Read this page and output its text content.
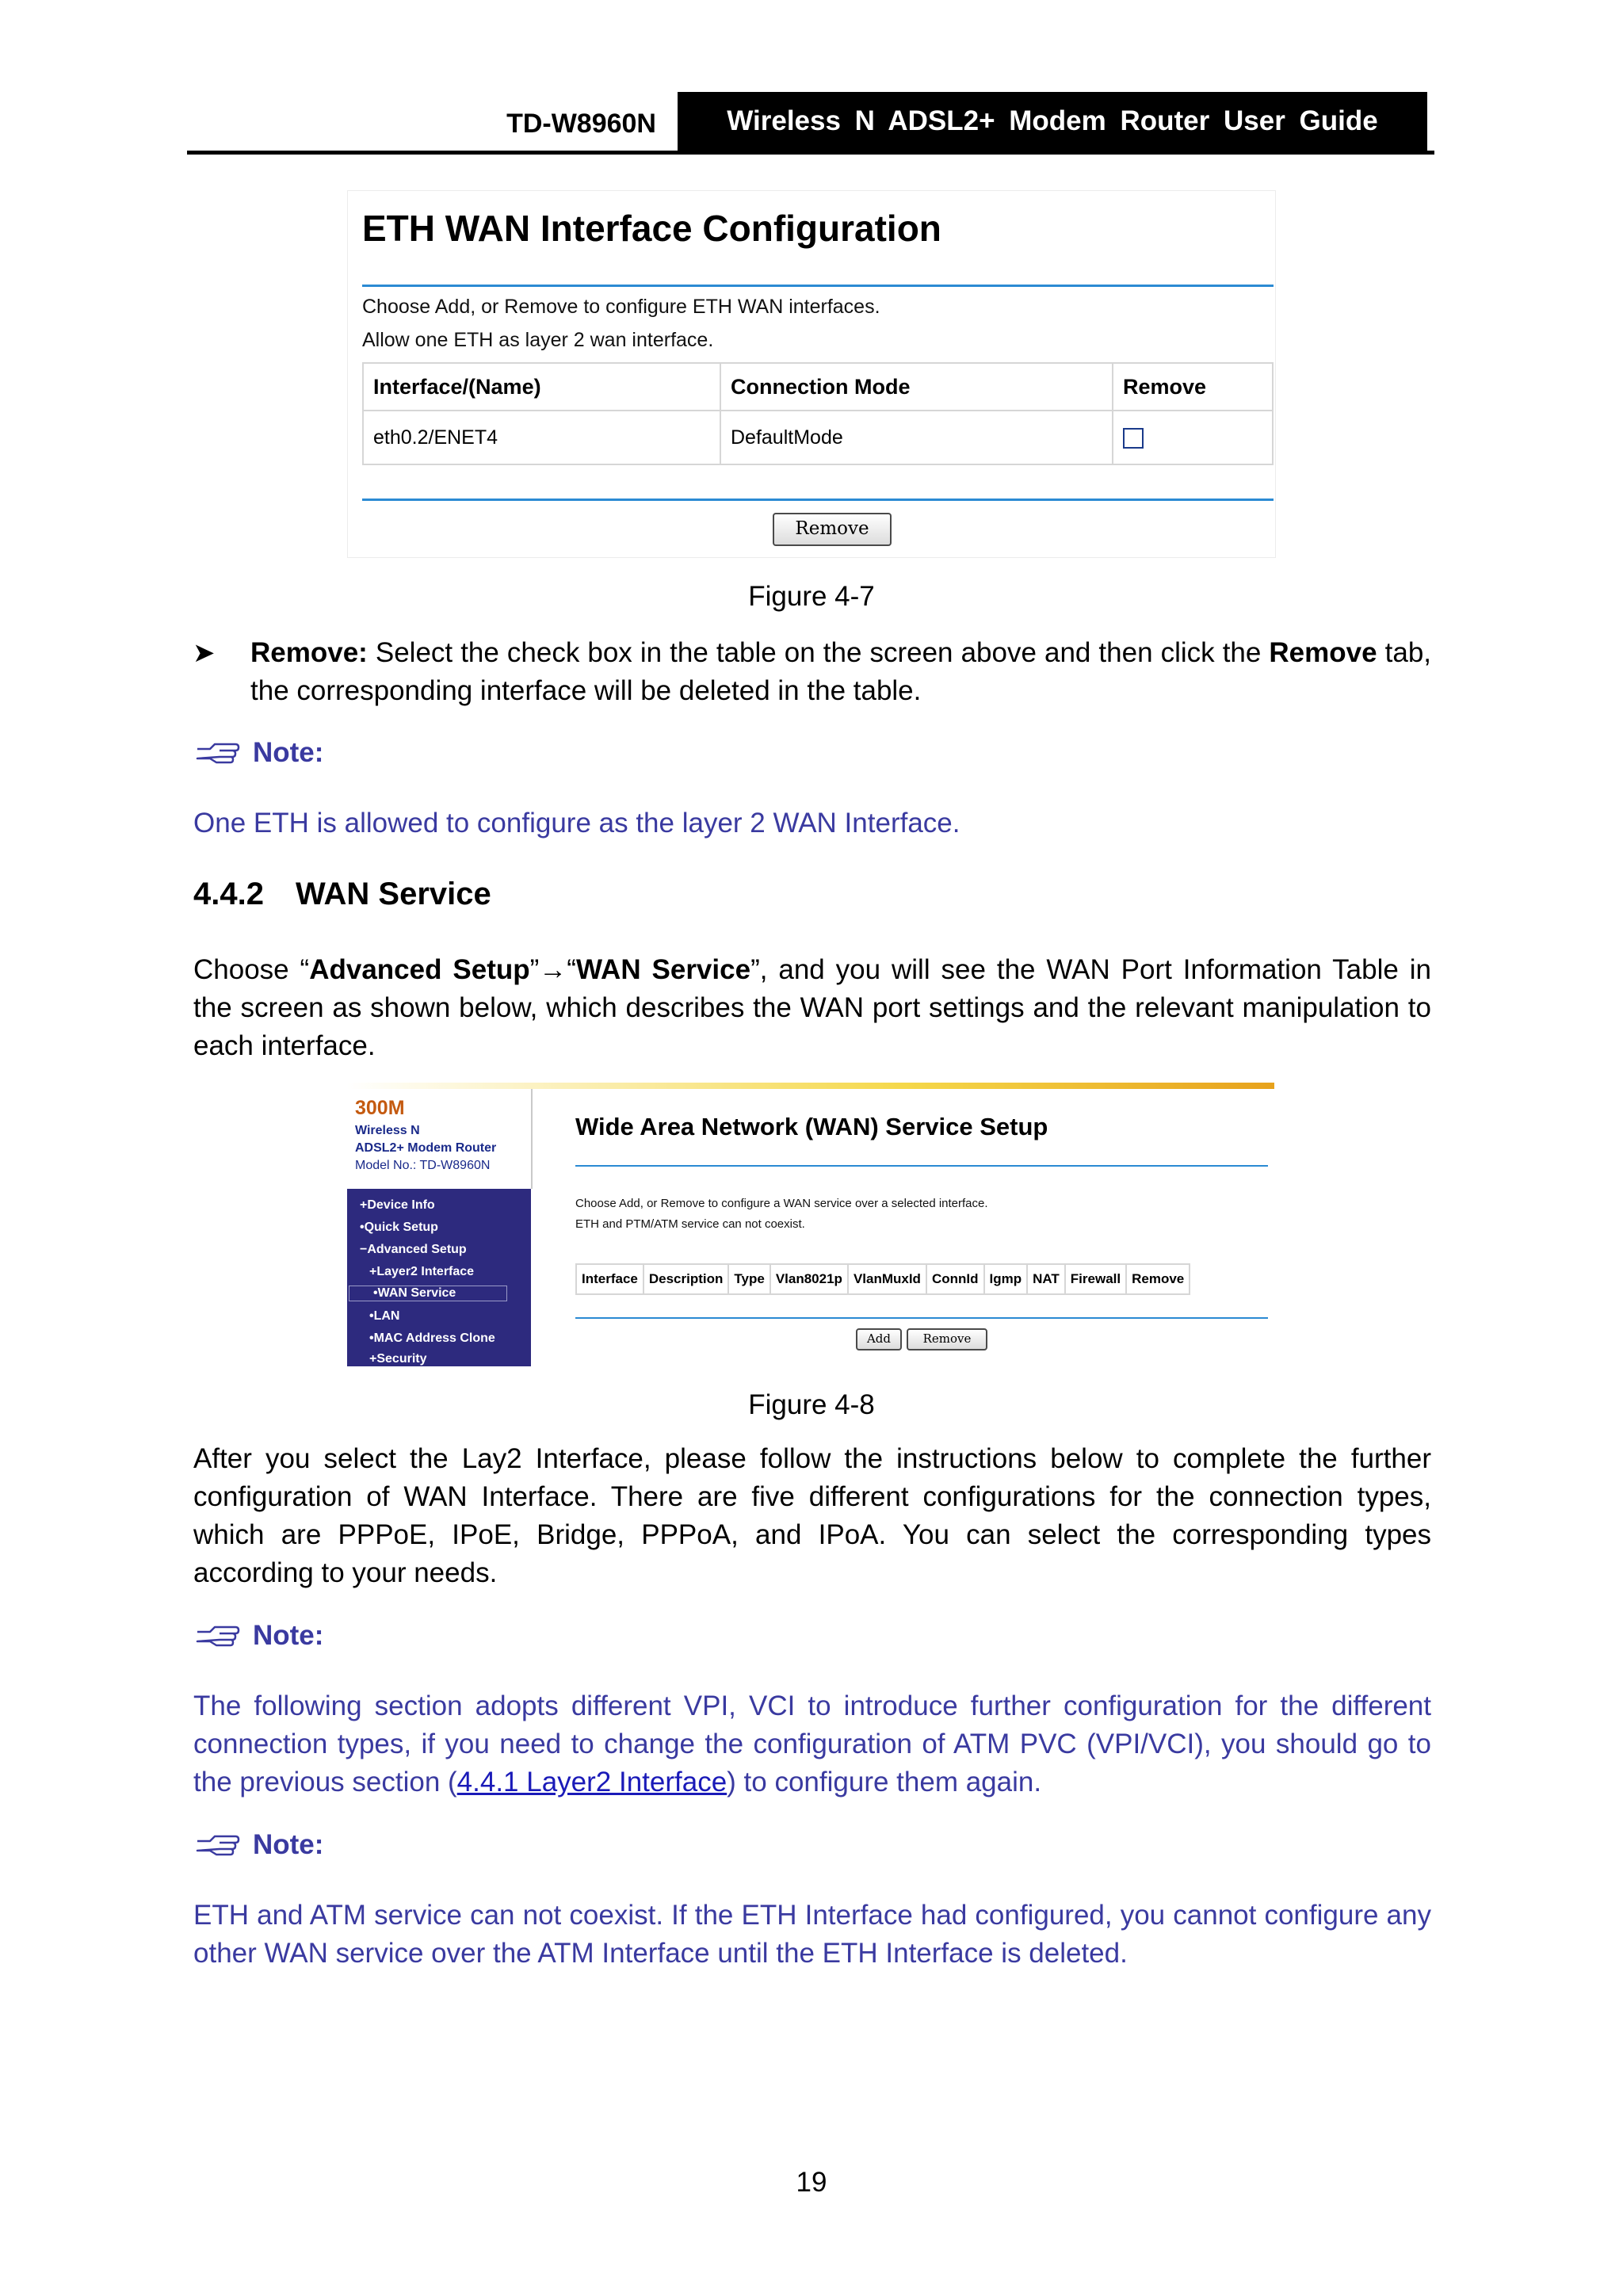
TD-W8960N	Wireless N ADSL2+ Modem Router User Guide
ETH WAN Interface Configuration
Choose Add, or Remove to configure ETH WAN interfaces.
Allow one ETH as layer 2 wan interface.
Interface/(Name)	Connection Mode	Remove
eth0.2/ENET4	DefaultMode	
Remove
Figure 4-7
➤ Remove: Select the check box in the table on the screen above and then click the Remove tab, the corresponding interface will be deleted in the table.
Note:
One ETH is allowed to configure as the layer 2 WAN Interface.
4.4.2 WAN Service
Choose “Advanced Setup”→“WAN Service”, and you will see the WAN Port Information Table in the screen as shown below, which describes the WAN port settings and the relevant manipulation to each interface.
300M
Wireless N
ADSL2+ Modem Router
Model No.: TD-W8960N
+Device Info
•Quick Setup
−Advanced Setup
+Layer2 Interface
•WAN Service
•LAN
•MAC Address Clone
+Security
Wide Area Network (WAN) Service Setup
Choose Add, or Remove to configure a WAN service over a selected interface.
ETH and PTM/ATM service can not coexist.
Interface	Description	Type	Vlan8021p	VlanMuxId	ConnId	Igmp	NAT	Firewall	Remove
Add	Remove
Figure 4-8
After you select the Lay2 Interface, please follow the instructions below to complete the further configuration of WAN Interface. There are five different configurations for the connection types, which are PPPoE, IPoE, Bridge, PPPoA, and IPoA. You can select the corresponding types according to your needs.
Note:
The following section adopts different VPI, VCI to introduce further configuration for the different connection types, if you need to change the configuration of ATM PVC (VPI/VCI), you should go to the previous section (4.4.1 Layer2 Interface) to configure them again.
Note:
ETH and ATM service can not coexist. If the ETH Interface had configured, you cannot configure any other WAN service over the ATM Interface until the ETH Interface is deleted.
19
